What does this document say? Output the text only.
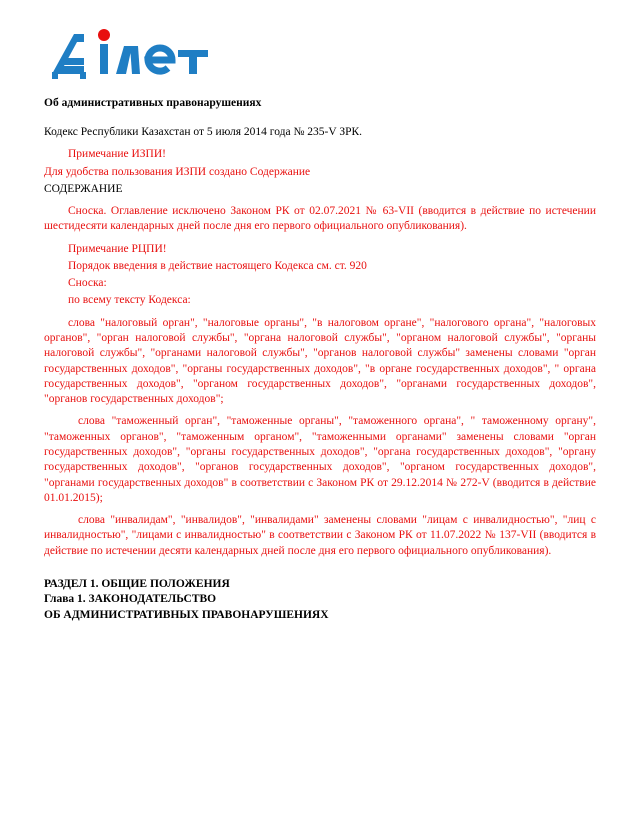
Об административных правонарушениях
Кодекс Республики Казахстан от 5 июля 2014 года № 235-V ЗРК.
Примечание ИЗПИ!
Для удобства пользования ИЗПИ создано Содержание
СОДЕРЖАНИЕ
Сноска. Оглавление исключено Законом РК от 02.07.2021 № 63-VII (вводится в действие по истечении шестидесяти календарных дней после дня его первого официального опубликования).
Примечание РЦПИ!
Порядок введения в действие настоящего Кодекса см. ст. 920
Сноска:
по всему тексту Кодекса:
слова "налоговый орган", "налоговые органы", "в налоговом органе", "налогового органа", "налоговых органов", "орган налоговой службы", "органа налоговой службы", "органом налоговой службы", "органы налоговой службы", "органами налоговой службы", "органов налоговой службы" заменены словами "орган государственных доходов", "органы государственных доходов", "в органе государственных доходов", " органа государственных доходов", "органом государственных доходов", "органами государственных доходов", "органов государственных доходов";
слова "таможенный орган", "таможенные органы", "таможенного органа", " таможенному органу", "таможенных органов", "таможенным органом", "таможенными органами" заменены словами "орган государственных доходов", "органы государственных доходов", "органа государственных доходов", "органу государственных доходов", "органов государственных доходов", "органом государственных доходов", "органами государственных доходов" в соответствии с Законом РК от 29.12.2014 № 272-V (вводится в действие 01.01.2015);
слова "инвалидам", "инвалидов", "инвалидами" заменены словами "лицам с инвалидностью", "лиц с инвалидностью", "лицами с инвалидностью" в соответствии с Законом РК от 11.07.2022 № 137-VII (вводится в действие по истечении десяти календарных дней после дня его первого официального опубликования).
РАЗДЕЛ 1. ОБЩИЕ ПОЛОЖЕНИЯ
Глава 1. ЗАКОНОДАТЕЛЬСТВО
ОБ АДМИНИСТРАТИВНЫХ ПРАВОНАРУШЕНИЯХ
